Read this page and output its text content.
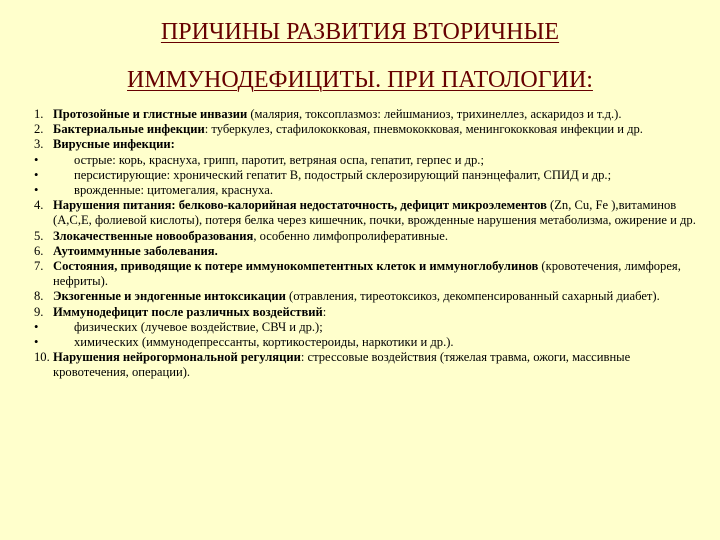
ПРИЧИНЫ РАЗВИТИЯ ВТОРИЧНЫЕ
ИММУНОДЕФИЦИТЫ. ПРИ ПАТОЛОГИИ:

1. Протозойные и глистные инвазии (малярия, токсоплазмоз: лейшманиоз, трихинеллез, аскаридоз и т.д.).

2. Бактериальные инфекции: туберкулез, стафилококковая, пневмококковая, менингококковая инфекции и др.

3. Вирусные инфекции:

•	острые: корь, краснуха, грипп, паротит, ветряная оспа, гепатит, герпес и др.;

•	персистирующие: хронический гепатит В, подострый склерозирующий панэнцефалит, СПИД и др.;

•	врожденные: цитомегалия, краснуха.

4. Нарушения питания: белково-калорийная недостаточность, дефицит микроэлементов (Zn, Cu, Fe ),витаминов (А,С,Е, фолиевой кислоты), потеря белка через кишечник, почки, врожденные нарушения метаболизма, ожирение и др.

5. Злокачественные новообразования, особенно лимфопролиферативные.

6. Аутоиммунные заболевания.

7. Состояния, приводящие к потере иммунокомпетентных клеток и иммуноглобулинов (кровотечения, лимфорея, нефриты).

8. Экзогенные и эндогенные интоксикации (отравления, тиреотоксикоз, декомпенсированный сахарный диабет).

9. Иммунодефицит после различных воздействий:

•	физических (лучевое воздействие, СВЧ и др.);

•	химических (иммунодепрессанты, кортикостероиды, наркотики и др.).

10. Нарушения нейрогормональной регуляции: стрессовые воздействия (тяжелая травма, ожоги, массивные кровотечения, операции).
